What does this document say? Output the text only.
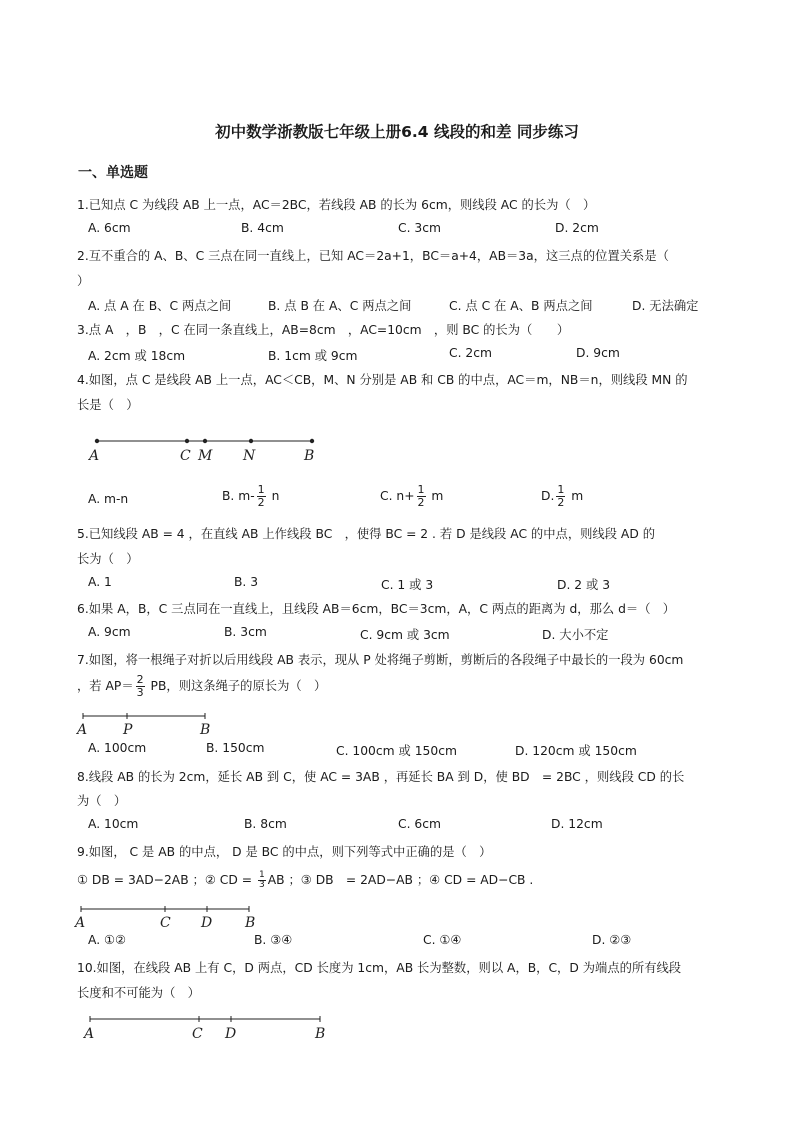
初中数学浙教版七年级上册6.4 线段的和差 同步练习
一、单选题
1.已知点 C 为线段 AB 上一点，AC＝2BC，若线段 AB 的长为 6cm，则线段 AC 的长为（　）
A. 6cm	B. 4cm	C. 3cm	D. 2cm
2.互不重合的 A、B、C 三点在同一直线上，已知 AC＝2a+1，BC＝a+4，AB＝3a，这三点的位置关系是（
）
A. 点 A 在 B、C 两点之间	B. 点 B 在 A、C 两点之间	C. 点 C 在 A、B 两点之间	D. 无法确定
3.点 A　，B　，C 在同一条直线上，AB=8cm　，AC=10cm　，则 BC 的长为（　　）
A. 2cm 或 18cm	B. 1cm 或 9cm	C. 2cm	D. 9cm
4.如图，点 C 是线段 AB 上一点，AC＜CB，M、N 分别是 AB 和 CB 的中点，AC＝m，NB＝n，则线段 MN 的
长是（　）
A	C M N	B
A. m-n	B. $m- \frac{1}{2}$ n	C. $n+ \frac{1}{2}$ m	D. $\frac{1}{2}$ m
5.已知线段 AB = 4 ，在直线 AB 上作线段 BC　，使得 BC = 2 . 若 D 是线段 AC 的中点，则线段 AD 的
长为（　）
A. 1	B. 3	C. 1 或 3	D. 2 或 3
6.如果 A，B，C 三点同在一直线上，且线段 AB＝6cm，BC＝3cm，A，C 两点的距离为 d，那么 d＝（　）
A. 9cm	B. 3cm	C. 9cm 或 3cm	D. 大小不定
7.如图，将一根绳子对折以后用线段 AB 表示，现从 P 处将绳子剪断，剪断后的各段绳子中最长的一段为 60cm
，若 $AP= \frac{2}{3}$ PB，则这条绳子的原长为（　）
A	P	B
A. 100cm	B. 150cm	C. 100cm 或 150cm	D. 120cm 或 150cm
8.线段 AB 的长为 2cm，延长 AB 到 C，使 AC = 3AB ，再延长 BA 到 D，使 BD　= 2BC ，则线段 CD 的长
为（　）
A. 10cm	B. 8cm	C. 6cm	D. 12cm
9.如图， C 是 AB 的中点， D 是 BC 的中点，则下列等式中正确的是（　）
① DB = 3AD−2AB ；② CD = $\frac{1}{3}$ AB ；③ DB　= 2AD−AB ；④ CD = AD−CB .
A	C D B
A. ①②	B. ③④	C. ①④	D. ②③
10.如图，在线段 AB 上有 C，D 两点，CD 长度为 1cm，AB 长为整数，则以 A，B，C，D 为端点的所有线段
长度和不可能为（　）
A	C D	B
